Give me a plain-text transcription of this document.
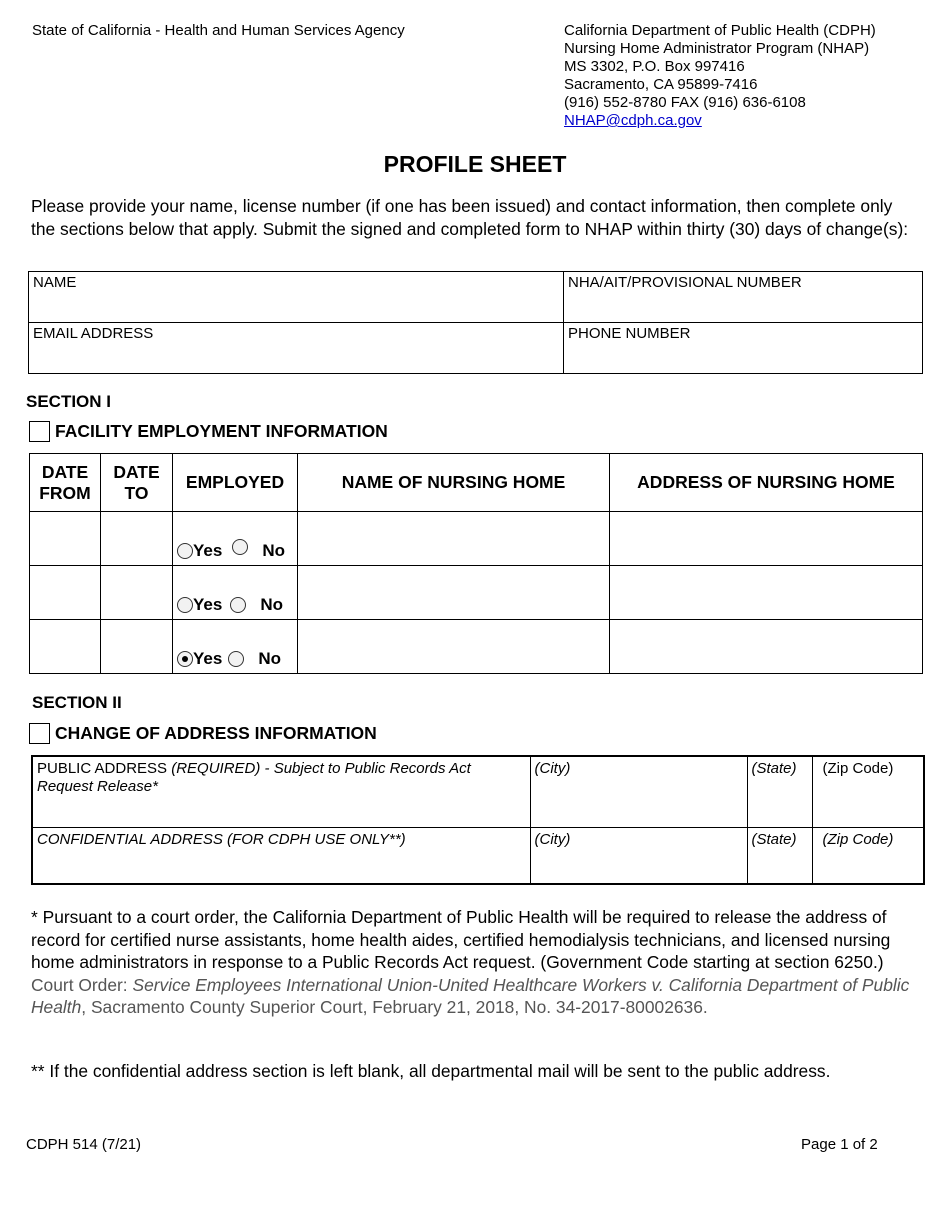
State of California - Health and Human Services Agency	California Department of Public Health (CDPH)
Nursing Home Administrator Program (NHAP)
MS 3302, P.O. Box 997416
Sacramento, CA 95899-7416
(916) 552-8780 FAX (916) 636-6108
NHAP@cdph.ca.gov
PROFILE SHEET
Please provide your name, license number (if one has been issued) and contact information, then complete only the sections below that apply. Submit the signed and completed form to NHAP within thirty (30) days of change(s):
NAME	NHA/AIT/PROVISIONAL NUMBER
EMAIL ADDRESS	PHONE NUMBER
SECTION I
FACILITY EMPLOYMENT INFORMATION
DATE FROM	DATE TO	EMPLOYED	NAME OF NURSING HOME	ADDRESS OF NURSING HOME

		Yes No		

		Yes No		

		Yes No		

SECTION II
CHANGE OF ADDRESS INFORMATION
PUBLIC ADDRESS (REQUIRED) - Subject to Public Records Act Request Release*	(City)	(State)	(Zip Code)
CONFIDENTIAL ADDRESS (FOR CDPH USE ONLY**)	(City)	(State)	(Zip Code)
* Pursuant to a court order, the California Department of Public Health will be required to release the address of record for certified nurse assistants, home health aides, certified hemodialysis technicians, and licensed nursing home administrators in response to a Public Records Act request. (Government Code starting at section 6250.) Court Order: Service Employees International Union-United Healthcare Workers v. California Department of Public Health, Sacramento County Superior Court, February 21, 2018, No. 34-2017-80002636.
** If the confidential address section is left blank, all departmental mail will be sent to the public address.
CDPH 514 (7/21)	Page 1 of 2
